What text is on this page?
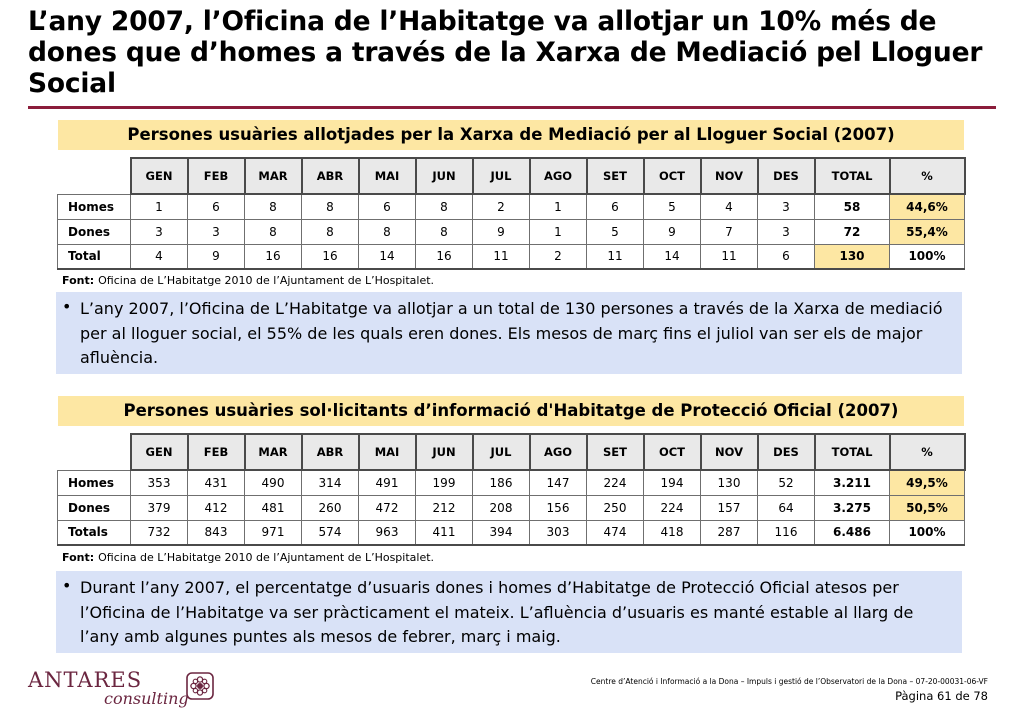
L’any 2007, l’Oficina de l’Habitatge va allotjar un 10% més de dones que d’homes a través de la Xarxa de Mediació pel Lloguer Social
Persones usuàries allotjades per la Xarxa de Mediació per al Lloguer Social (2007)
	GEN	FEB	MAR	ABR	MAI	JUN	JUL	AGO	SET	OCT	NOV	DES	TOTAL	%
Homes	1	6	8	8	6	8	2	1	6	5	4	3	58	44,6%
Dones	3	3	8	8	8	8	9	1	5	9	7	3	72	55,4%
Total	4	9	16	16	14	16	11	2	11	14	11	6	130	100%
Font: Oficina de L’Habitatge 2010 de l’Ajuntament de L’Hospitalet.
• L’any 2007, l’Oficina de L’Habitatge va allotjar a un total de 130 persones a través de la Xarxa de mediació per al lloguer social, el 55% de les quals eren dones. Els mesos de març fins el juliol van ser els de major afluència.
Persones usuàries sol·licitants d’informació d'Habitatge de Protecció Oficial (2007)
	GEN	FEB	MAR	ABR	MAI	JUN	JUL	AGO	SET	OCT	NOV	DES	TOTAL	%
Homes	353	431	490	314	491	199	186	147	224	194	130	52	3.211	49,5%
Dones	379	412	481	260	472	212	208	156	250	224	157	64	3.275	50,5%
Totals	732	843	971	574	963	411	394	303	474	418	287	116	6.486	100%
Font: Oficina de L’Habitatge 2010 de l’Ajuntament de L’Hospitalet.
• Durant l’any 2007, el percentatge d’usuaris dones i homes d’Habitatge de Protecció Oficial atesos per l’Oficina de l’Habitatge va ser pràcticament el mateix. L’afluència d’usuaris es manté estable al llarg de l’any amb algunes puntes als mesos de febrer, març i maig.
ANTARES
consulting
Centre d’Atenció i Informació a la Dona – Impuls i gestió de l’Observatori de la Dona – 07-20-00031-06-VF
Pàgina 61 de 78
